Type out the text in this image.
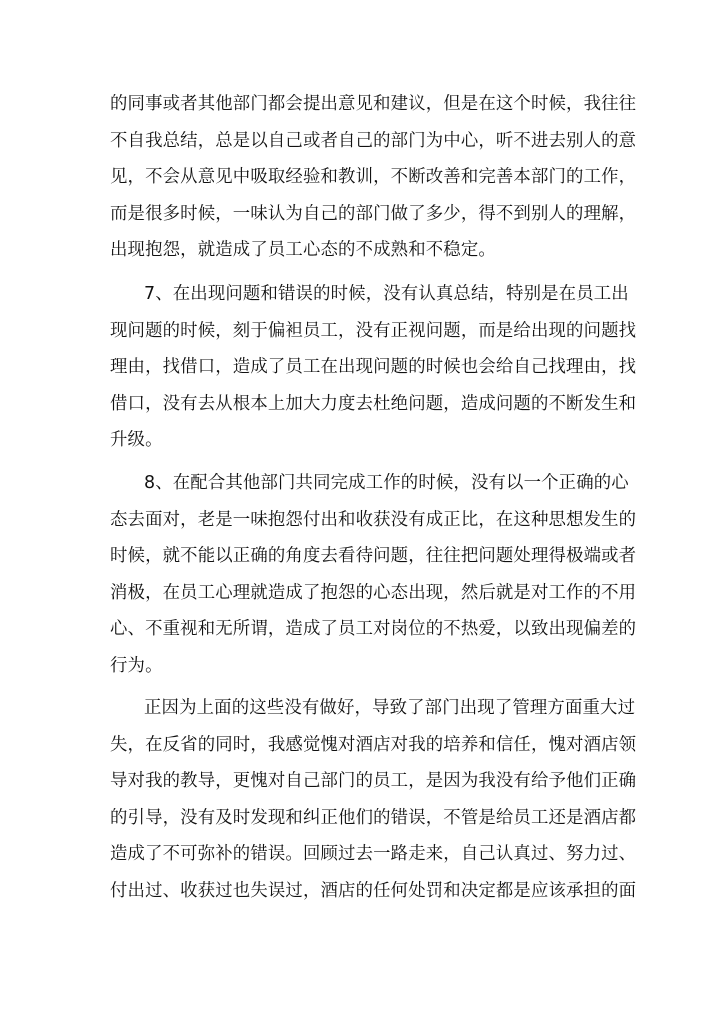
的同事或者其他部门都会提出意见和建议，但是在这个时候，我往往
不自我总结，总是以自己或者自己的部门为中心，听不进去别人的意
见，不会从意见中吸取经验和教训，不断改善和完善本部门的工作，
而是很多时候，一味认为自己的部门做了多少，得不到别人的理解，
出现抱怨，就造成了员工心态的不成熟和不稳定。
7、在出现问题和错误的时候，没有认真总结，特别是在员工出
现问题的时候，刻于偏袒员工，没有正视问题，而是给出现的问题找
理由，找借口，造成了员工在出现问题的时候也会给自己找理由，找
借口，没有去从根本上加大力度去杜绝问题，造成问题的不断发生和
升级。
8、在配合其他部门共同完成工作的时候，没有以一个正确的心
态去面对，老是一味抱怨付出和收获没有成正比，在这种思想发生的
时候，就不能以正确的角度去看待问题，往往把问题处理得极端或者
消极，在员工心理就造成了抱怨的心态出现，然后就是对工作的不用
心、不重视和无所谓，造成了员工对岗位的不热爱，以致出现偏差的
行为。
正因为上面的这些没有做好，导致了部门出现了管理方面重大过
失，在反省的同时，我感觉愧对酒店对我的培养和信任，愧对酒店领
导对我的教导，更愧对自己部门的员工，是因为我没有给予他们正确
的引导，没有及时发现和纠正他们的错误，不管是给员工还是酒店都
造成了不可弥补的错误。回顾过去一路走来，自己认真过、努力过、
付出过、收获过也失误过，酒店的任何处罚和决定都是应该承担的面
